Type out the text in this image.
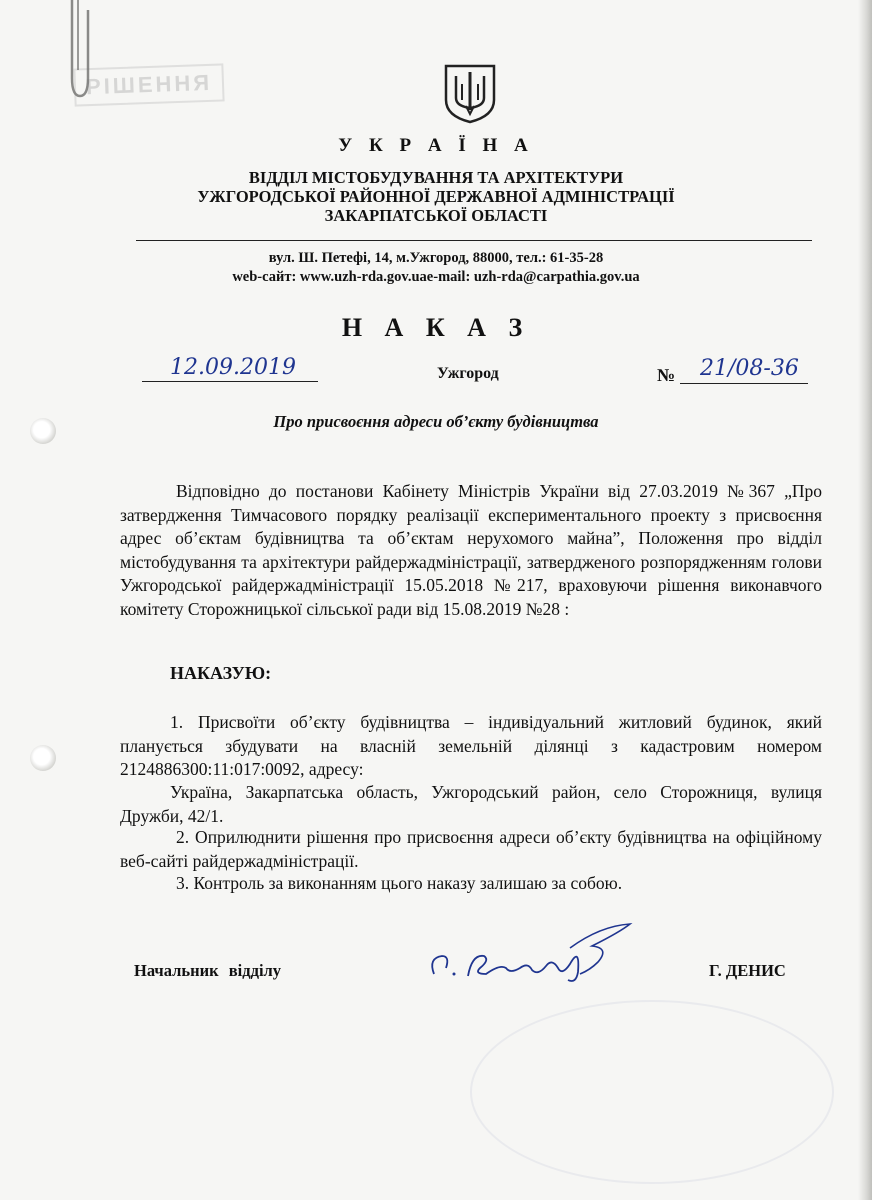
РІШЕННЯ
У К Р А Ї Н А
ВІДДІЛ МІСТОБУДУВАННЯ ТА АРХІТЕКТУРИ
УЖГОРОДСЬКОЇ РАЙОННОЇ ДЕРЖАВНОЇ АДМІНІСТРАЦІЇ
ЗАКАРПАТСЬКОЇ ОБЛАСТІ
вул. Ш. Петефі, 14, м.Ужгород, 88000, тел.: 61-35-28
web-сайт: www.uzh-rda.gov.uae-mail: uzh-rda@carpathia.gov.ua
Н А К А З
12.09.2019	Ужгород	№ 21/08-36
Про присвоєння адреси об’єкту будівництва
Відповідно до постанови Кабінету Міністрів України від 27.03.2019 №367 „Про затвердження Тимчасового порядку реалізації експериментального проекту з присвоєння адрес об’єктам будівництва та об’єктам нерухомого майна”, Положення про відділ містобудування та архітектури райдержадміністрації, затвердженого розпорядженням голови Ужгородської райдержадміністрації 15.05.2018 №217, враховуючи рішення виконавчого комітету Сторожницької сільської ради від 15.08.2019 №28 :
НАКАЗУЮ:
1. Присвоїти об’єкту будівництва – індивідуальний житловий будинок, який планується збудувати на власній земельній ділянці з кадастровим номером 2124886300:11:017:0092, адресу:
Україна, Закарпатська область, Ужгородський район, село Сторожниця, вулиця Дружби, 42/1.
2. Оприлюднити рішення про присвоєння адреси об’єкту будівництва на офіційному веб-сайті райдержадміністрації.
3. Контроль за виконанням цього наказу залишаю за собою.
Начальник відділу	Г. ДЕНИС
